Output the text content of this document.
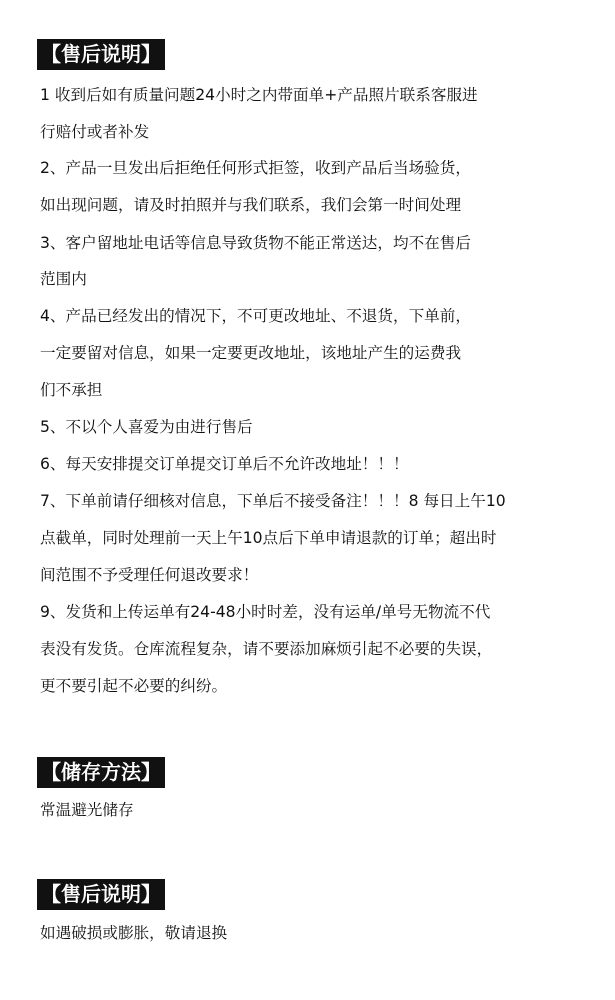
【售后说明】
1 收到后如有质量问题24小时之内带面单+产品照片联系客服进
行赔付或者补发
2、产品一旦发出后拒绝任何形式拒签，收到产品后当场验货，
如出现问题，请及时拍照并与我们联系，我们会第一时间处理
3、客户留地址电话等信息导致货物不能正常送达，均不在售后
范围内
4、产品已经发出的情况下，不可更改地址、不退货，下单前，
一定要留对信息，如果一定要更改地址，该地址产生的运费我
们不承担
5、不以个人喜爱为由进行售后
6、每天安排提交订单提交订单后不允许改地址！！！
7、下单前请仔细核对信息，下单后不接受备注！！！8 每日上午10
点截单，同时处理前一天上午10点后下单申请退款的订单；超出时
间范围不予受理任何退改要求！
9、发货和上传运单有24-48小时时差，没有运单/单号无物流不代
表没有发货。仓库流程复杂，请不要添加麻烦引起不必要的失误，
更不要引起不必要的纠纷。
【储存方法】
常温避光储存
【售后说明】
如遇破损或膨胀，敬请退换
